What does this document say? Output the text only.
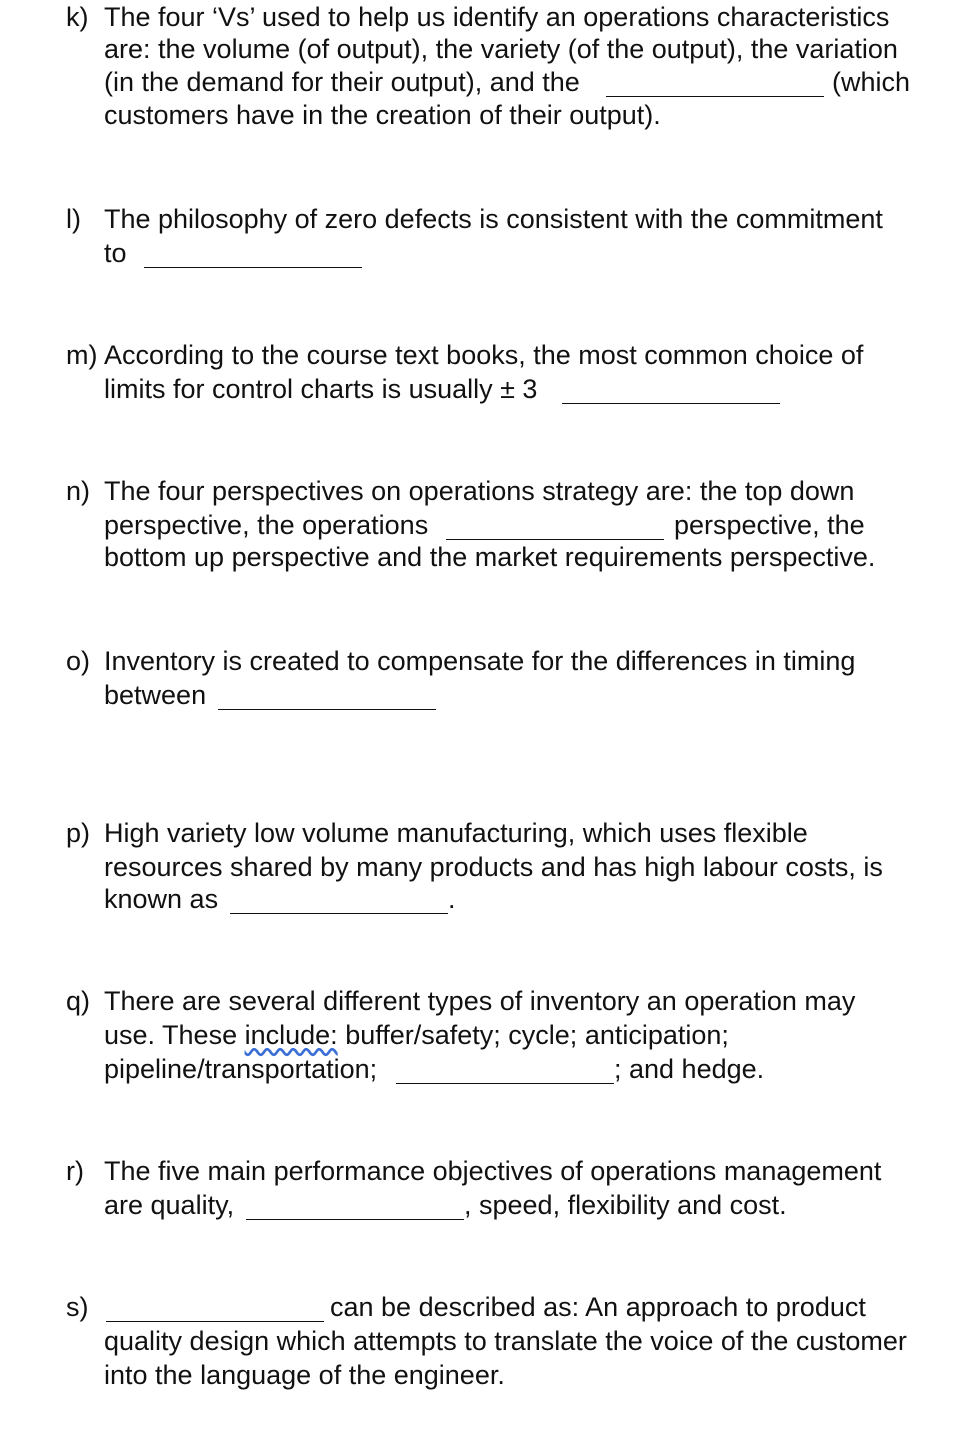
k) The four ‘Vs’ used to help us identify an operations characteristics
are: the volume (of output), the variety (of the output), the variation
(in the demand for their output), and the	(which
customers have in the creation of their output).
l) The philosophy of zero defects is consistent with the commitment
to
m) According to the course text books, the most common choice of
limits for control charts is usually ± 3
n) The four perspectives on operations strategy are: the top down
perspective, the operations	perspective, the
bottom up perspective and the market requirements perspective.
o) Inventory is created to compensate for the differences in timing
between
p) High variety low volume manufacturing, which uses flexible
resources shared by many products and has high labour costs, is
known as	.
q) There are several different types of inventory an operation may
use. These include: buffer/safety; cycle; anticipation;
pipeline/transportation;	; and hedge.
r) The five main performance objectives of operations management
are quality,	, speed, flexibility and cost.
s)	can be described as: An approach to product
quality design which attempts to translate the voice of the customer
into the language of the engineer.
